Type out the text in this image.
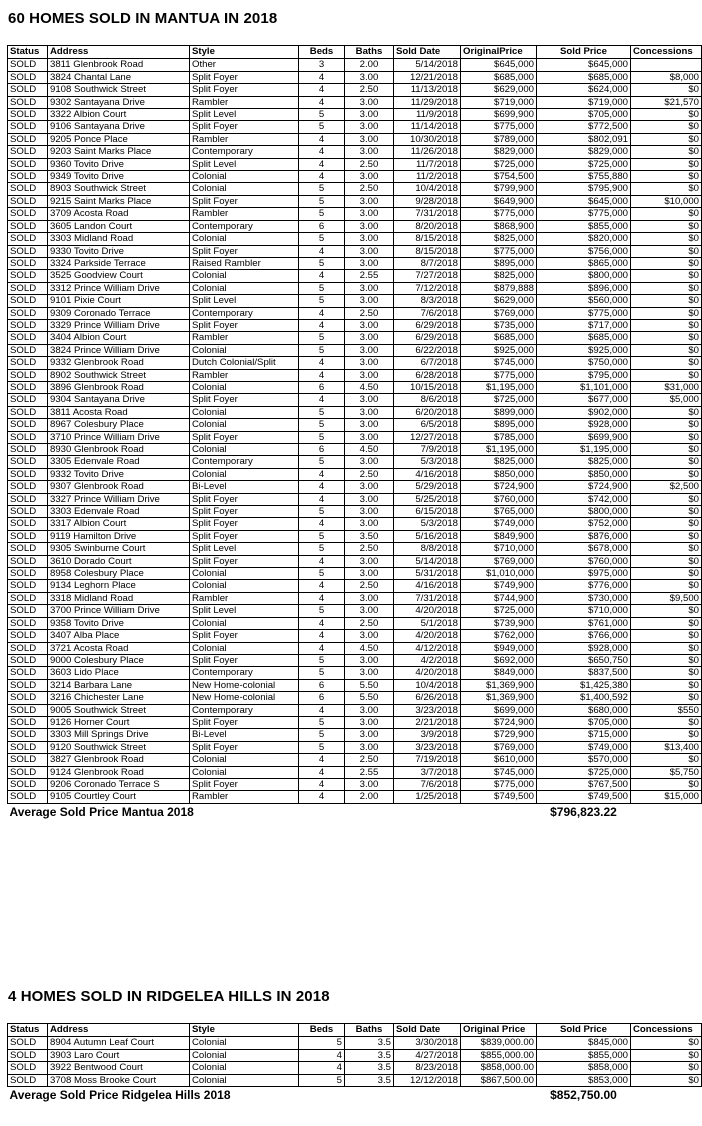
60 HOMES SOLD IN MANTUA IN 2018
Status	Address	Style	Beds	Baths	Sold Date	OriginalPrice	Sold Price	Concessions
SOLD	3811 Glenbrook Road	Other	3	2.00	5/14/2018	$645,000	$645,000	
SOLD	3824 Chantal Lane	Split Foyer	4	3.00	12/21/2018	$685,000	$685,000	$8,000
SOLD	9108 Southwick Street	Split Foyer	4	2.50	11/13/2018	$629,000	$624,000	$0
SOLD	9302 Santayana Drive	Rambler	4	3.00	11/29/2018	$719,000	$719,000	$21,570
SOLD	3322 Albion Court	Split Level	5	3.00	11/9/2018	$699,900	$705,000	$0
SOLD	9106 Santayana Drive	Split Foyer	5	3.00	11/14/2018	$775,000	$772,500	$0
SOLD	9205 Ponce Place	Rambler	4	3.00	10/30/2018	$789,000	$802,091	$0
SOLD	9203 Saint Marks Place	Contemporary	4	3.00	11/26/2018	$829,000	$829,000	$0
SOLD	9360 Tovito Drive	Split Level	4	2.50	11/7/2018	$725,000	$725,000	$0
SOLD	9349 Tovito Drive	Colonial	4	3.00	11/2/2018	$754,500	$755,880	$0
SOLD	8903 Southwick Street	Colonial	5	2.50	10/4/2018	$799,900	$795,900	$0
SOLD	9215 Saint Marks Place	Split Foyer	5	3.00	9/28/2018	$649,900	$645,000	$10,000
SOLD	3709 Acosta Road	Rambler	5	3.00	7/31/2018	$775,000	$775,000	$0
SOLD	3605 Landon Court	Contemporary	6	3.00	8/20/2018	$868,900	$855,000	$0
SOLD	3303 Midland Road	Colonial	5	3.00	8/15/2018	$825,000	$820,000	$0
SOLD	9330 Tovito Drive	Split Foyer	4	3.00	8/15/2018	$775,000	$756,000	$0
SOLD	3324 Parkside Terrace	Raised Rambler	5	3.00	8/7/2018	$895,000	$865,000	$0
SOLD	3525 Goodview Court	Colonial	4	2.55	7/27/2018	$825,000	$800,000	$0
SOLD	3312 Prince William Drive	Colonial	5	3.00	7/12/2018	$879,888	$896,000	$0
SOLD	9101 Pixie Court	Split Level	5	3.00	8/3/2018	$629,000	$560,000	$0
SOLD	9309 Coronado Terrace	Contemporary	4	2.50	7/6/2018	$769,000	$775,000	$0
SOLD	3329 Prince William Drive	Split Foyer	4	3.00	6/29/2018	$735,000	$717,000	$0
SOLD	3404 Albion Court	Rambler	5	3.00	6/29/2018	$685,000	$685,000	$0
SOLD	3824 Prince William Drive	Colonial	5	3.00	6/22/2018	$925,000	$925,000	$0
SOLD	9332 Glenbrook Road	Dutch Colonial/Split	4	3.00	6/7/2018	$745,000	$750,000	$0
SOLD	8902 Southwick Street	Rambler	4	3.00	6/28/2018	$775,000	$795,000	$0
SOLD	3896 Glenbrook Road	Colonial	6	4.50	10/15/2018	$1,195,000	$1,101,000	$31,000
SOLD	9304 Santayana Drive	Split Foyer	4	3.00	8/6/2018	$725,000	$677,000	$5,000
SOLD	3811 Acosta Road	Colonial	5	3.00	6/20/2018	$899,000	$902,000	$0
SOLD	8967 Colesbury Place	Colonial	5	3.00	6/5/2018	$895,000	$928,000	$0
SOLD	3710 Prince William Drive	Split Foyer	5	3.00	12/27/2018	$785,000	$699,900	$0
SOLD	8930 Glenbrook Road	Colonial	6	4.50	7/9/2018	$1,195,000	$1,195,000	$0
SOLD	3305 Edenvale Road	Contemporary	5	3.00	5/3/2018	$825,000	$825,000	$0
SOLD	9332 Tovito Drive	Colonial	4	2.50	4/16/2018	$850,000	$850,000	$0
SOLD	9307 Glenbrook Road	Bi-Level	4	3.00	5/29/2018	$724,900	$724,900	$2,500
SOLD	3327 Prince William Drive	Split Foyer	4	3.00	5/25/2018	$760,000	$742,000	$0
SOLD	3303 Edenvale Road	Split Foyer	5	3.00	6/15/2018	$765,000	$800,000	$0
SOLD	3317 Albion Court	Split Foyer	4	3.00	5/3/2018	$749,000	$752,000	$0
SOLD	9119 Hamilton Drive	Split Foyer	5	3.50	5/16/2018	$849,900	$876,000	$0
SOLD	9305 Swinburne Court	Split Level	5	2.50	8/8/2018	$710,000	$678,000	$0
SOLD	3610 Dorado Court	Split Foyer	4	3.00	5/14/2018	$769,000	$760,000	$0
SOLD	8958 Colesbury Place	Colonial	5	3.00	5/31/2018	$1,010,000	$975,000	$0
SOLD	9134 Leghorn Place	Colonial	4	2.50	4/16/2018	$749,900	$776,000	$0
SOLD	3318 Midland Road	Rambler	4	3.00	7/31/2018	$744,900	$730,000	$9,500
SOLD	3700 Prince William Drive	Split Level	5	3.00	4/20/2018	$725,000	$710,000	$0
SOLD	9358 Tovito Drive	Colonial	4	2.50	5/1/2018	$739,900	$761,000	$0
SOLD	3407 Alba Place	Split Foyer	4	3.00	4/20/2018	$762,000	$766,000	$0
SOLD	3721 Acosta Road	Colonial	4	4.50	4/12/2018	$949,000	$928,000	$0
SOLD	9000 Colesbury Place	Split Foyer	5	3.00	4/2/2018	$692,000	$650,750	$0
SOLD	3603 Lido Place	Contemporary	5	3.00	4/20/2018	$849,000	$837,500	$0
SOLD	3214 Barbara Lane	New Home-colonial	6	5.50	10/4/2018	$1,369,900	$1,425,380	$0
SOLD	3216 Chichester Lane	New Home-colonial	6	5.50	6/26/2018	$1,369,900	$1,400,592	$0
SOLD	9005 Southwick Street	Contemporary	4	3.00	3/23/2018	$699,000	$680,000	$550
SOLD	9126 Horner Court	Split Foyer	5	3.00	2/21/2018	$724,900	$705,000	$0
SOLD	3303 Mill Springs Drive	Bi-Level	5	3.00	3/9/2018	$729,900	$715,000	$0
SOLD	9120 Southwick Street	Split Foyer	5	3.00	3/23/2018	$769,000	$749,000	$13,400
SOLD	3827 Glenbrook Road	Colonial	4	2.50	7/19/2018	$610,000	$570,000	$0
SOLD	9124 Glenbrook Road	Colonial	4	2.55	3/7/2018	$745,000	$725,000	$5,750
SOLD	9206 Coronado Terrace S	Split Foyer	4	3.00	7/6/2018	$775,000	$767,500	$0
SOLD	9105 Courtley Court	Rambler	4	2.00	1/25/2018	$749,500	$749,500	$15,000
Average Sold Price Mantua 2018							$796,823.22	
4 HOMES SOLD IN RIDGELEA HILLS IN 2018
Status	Address	Style	Beds	Baths	Sold Date	Original Price	Sold Price	Concessions
SOLD	8904 Autumn Leaf Court	Colonial	5	3.5	3/30/2018	$839,000.00	$845,000	$0
SOLD	3903 Laro Court	Colonial	4	3.5	4/27/2018	$855,000.00	$855,000	$0
SOLD	3922 Bentwood Court	Colonial	4	3.5	8/23/2018	$858,000.00	$858,000	$0
SOLD	3708 Moss Brooke Court	Colonial	5	3.5	12/12/2018	$867,500.00	$853,000	$0
Average Sold Price Ridgelea Hills 2018							$852,750.00	
